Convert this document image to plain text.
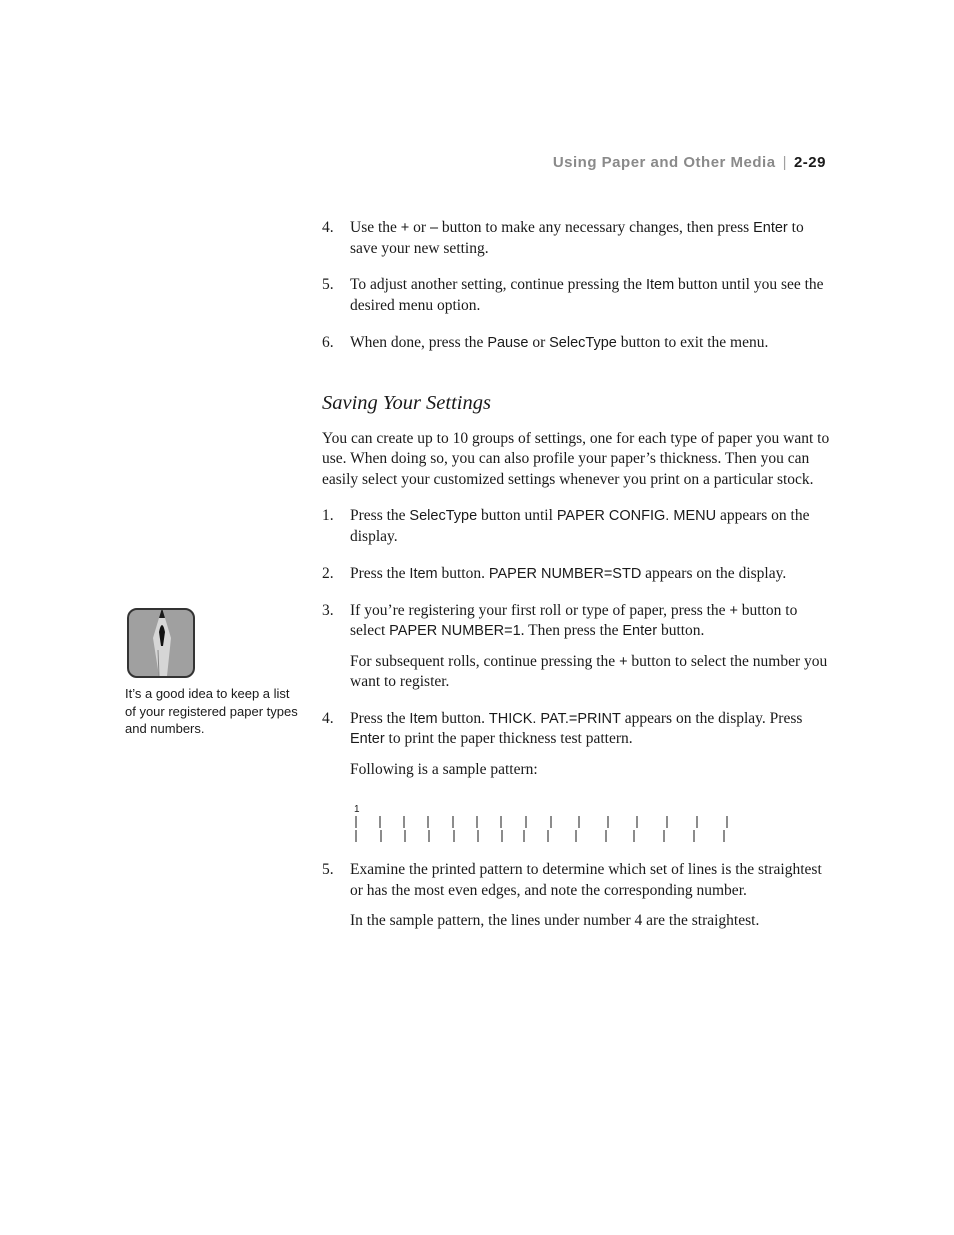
Using Paper and Other Media | 2-29
4. Use the + or – button to make any necessary changes, then press Enter to save your new setting.
5. To adjust another setting, continue pressing the Item button until you see the desired menu option.
6. When done, press the Pause or SelecType button to exit the menu.
Saving Your Settings
You can create up to 10 groups of settings, one for each type of paper you want to use. When doing so, you can also profile your paper’s thickness. Then you can easily select your customized settings whenever you print on a particular stock.
1. Press the SelecType button until PAPER CONFIG. MENU appears on the display.
2. Press the Item button. PAPER NUMBER=STD appears on the display.
3. If you’re registering your first roll or type of paper, press the + button to select PAPER NUMBER=1. Then press the Enter button.
For subsequent rolls, continue pressing the + button to select the number you want to register.
4. Press the Item button. THICK. PAT.=PRINT appears on the display. Press Enter to print the paper thickness test pattern.
Following is a sample pattern:
1
5. Examine the printed pattern to determine which set of lines is the straightest or has the most even edges, and note the corresponding number.
In the sample pattern, the lines under number 4 are the straightest.
It’s a good idea to keep a list of your registered paper types and numbers.
